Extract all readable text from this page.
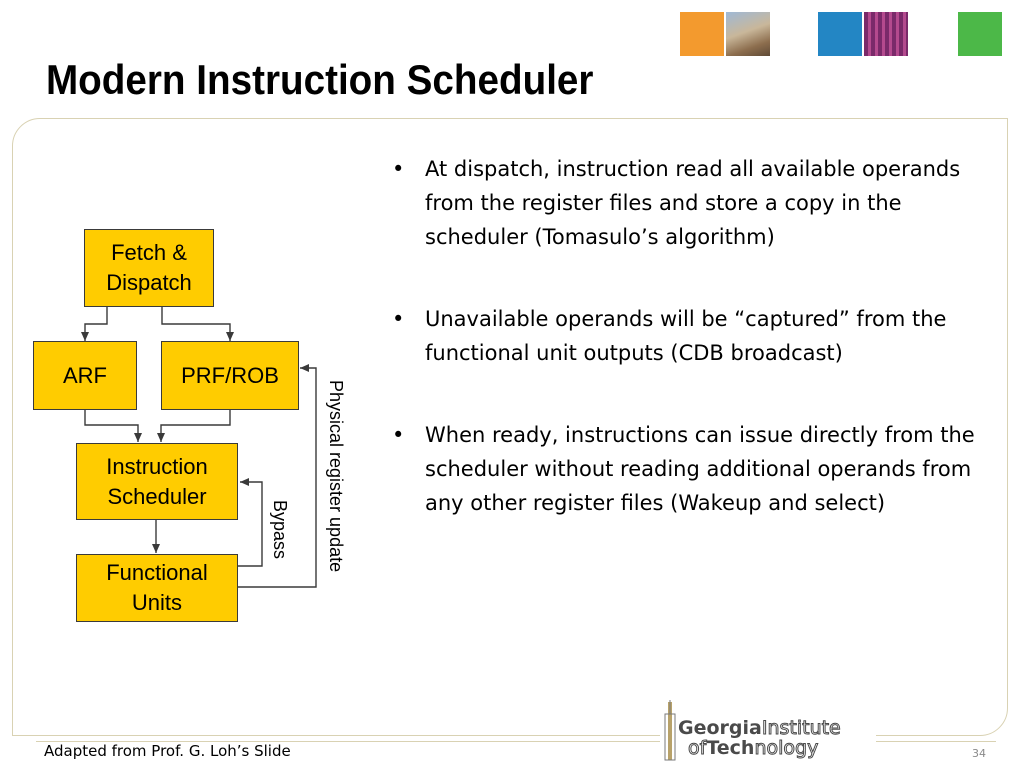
Modern Instruction Scheduler
Fetch &
Dispatch
ARF	PRF/ROB
Instruction
Scheduler
Functional
Units
Physical register update
Bypass
• At dispatch, instruction read all available operands from the register files and store a copy in the scheduler (Tomasulo’s algorithm)
• Unavailable operands will be “captured” from the functional unit outputs (CDB broadcast)
• When ready, instructions can issue directly from the scheduler without reading additional operands from any other register files (Wakeup and select)
Adapted from Prof. G. Loh’s Slide
GeorgiaInstitute
ofTechnology	34
